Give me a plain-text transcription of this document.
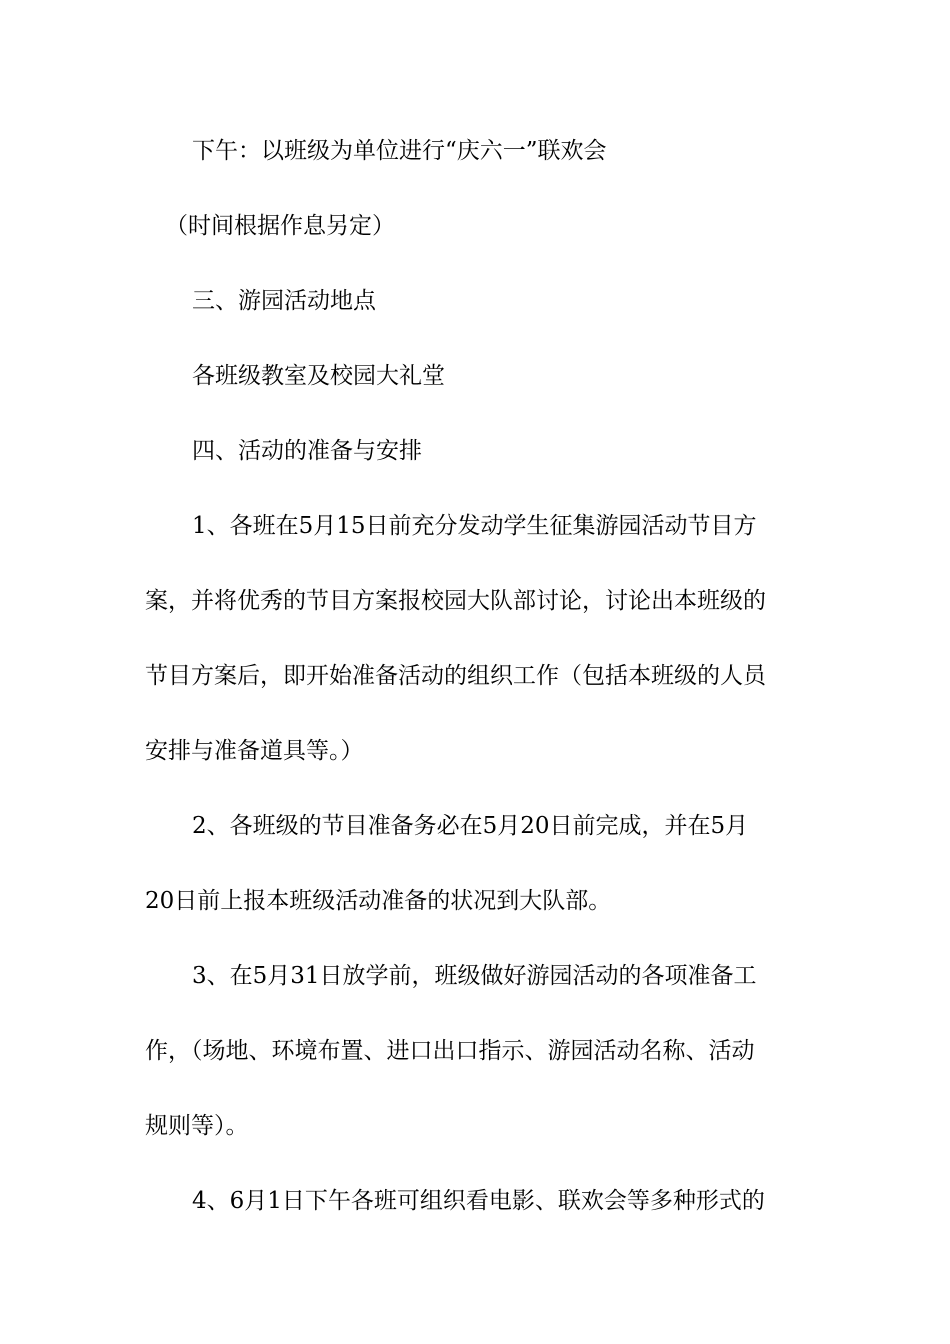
下午：以班级为单位进行“庆六一”联欢会
（时间根据作息另定）
三、游园活动地点
各班级教室及校园大礼堂
四、活动的准备与安排
1、各班在5月15日前充分发动学生征集游园活动节目方
案，并将优秀的节目方案报校园大队部讨论，讨论出本班级的
节目方案后，即开始准备活动的组织工作（包括本班级的人员
安排与准备道具等。）
2、各班级的节目准备务必在5月20日前完成，并在5月
20日前上报本班级活动准备的状况到大队部。
3、在5月31日放学前，班级做好游园活动的各项准备工
作，（场地、环境布置、进口出口指示、游园活动名称、活动
规则等）。
4、6月1日下午各班可组织看电影、联欢会等多种形式的
